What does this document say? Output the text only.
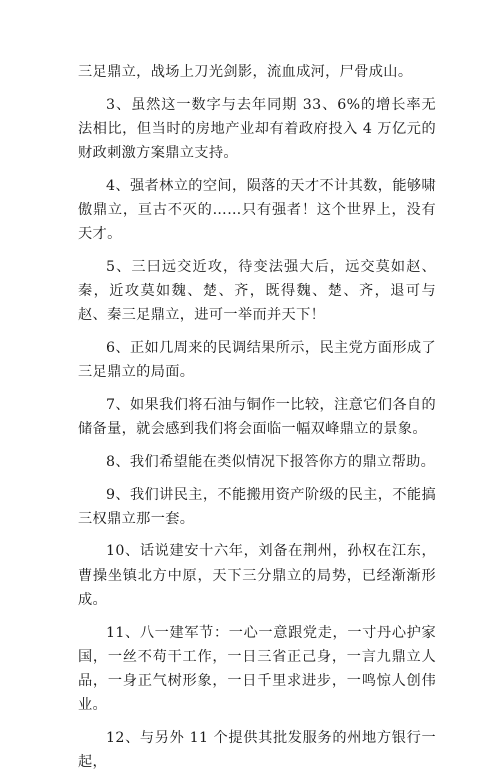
三足鼎立，战场上刀光剑影，流血成河，尸骨成山。

3、虽然这一数字与去年同期 33、6%的增长率无法相比，但当时的房地产业却有着政府投入 4 万亿元的财政刺激方案鼎立支持。

4、强者林立的空间，陨落的天才不计其数，能够啸傲鼎立，亘古不灭的……只有强者！这个世界上，没有天才。

5、三曰远交近攻，待变法强大后，远交莫如赵、秦，近攻莫如魏、楚、齐，既得魏、楚、齐，退可与赵、秦三足鼎立，进可一举而并天下！

6、正如几周来的民调结果所示，民主党方面形成了三足鼎立的局面。

7、如果我们将石油与铜作一比较，注意它们各自的储备量，就会感到我们将会面临一幅双峰鼎立的景象。

8、我们希望能在类似情况下报答你方的鼎立帮助。

9、我们讲民主，不能搬用资产阶级的民主，不能搞三权鼎立那一套。

10、话说建安十六年，刘备在荆州，孙权在江东，曹操坐镇北方中原，天下三分鼎立的局势，已经渐渐形成。

11、八一建军节：一心一意跟党走，一寸丹心护家国，一丝不苟干工作，一日三省正己身，一言九鼎立人品，一身正气树形象，一日千里求进步，一鸣惊人创伟业。

12、与另外 11 个提供其批发服务的州地方银行一起，
